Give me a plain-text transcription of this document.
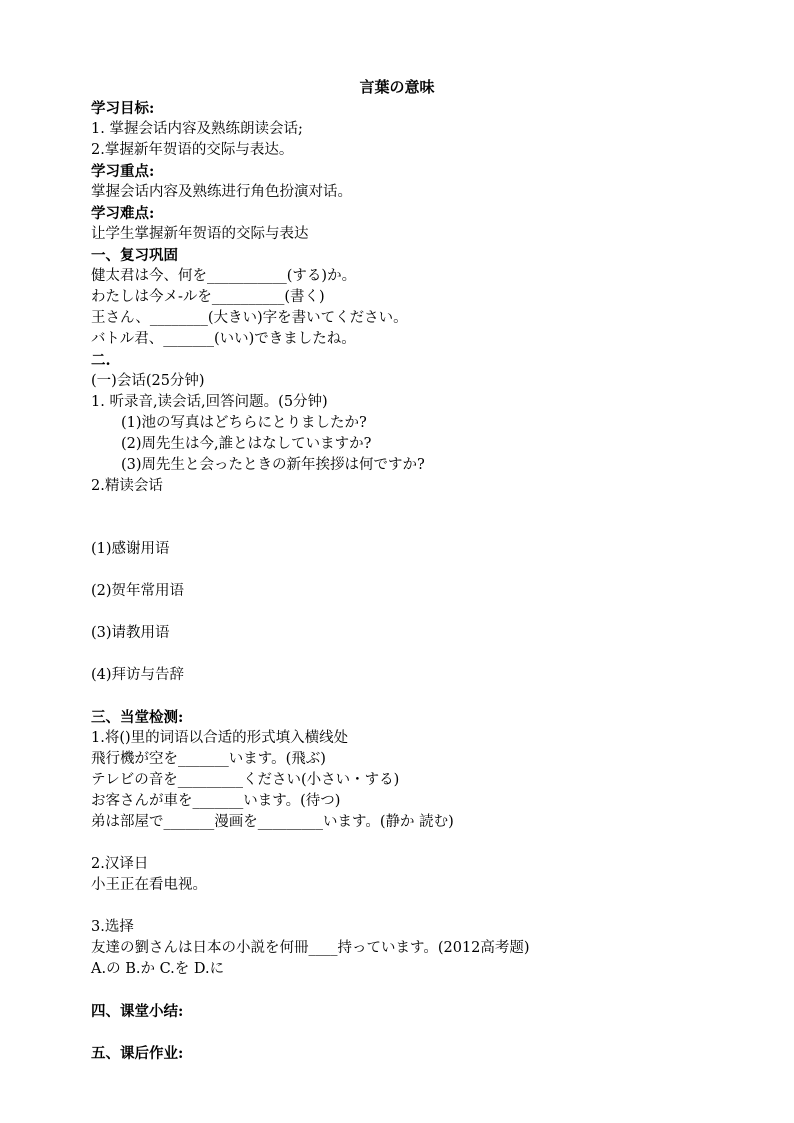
言葉の意味
学习目标:
1. 掌握会话内容及熟练朗读会话;
2.掌握新年贺语的交际与表达。
学习重点:
掌握会话内容及熟练进行角色扮演对话。
学习难点:
让学生掌握新年贺语的交际与表达
一、复习巩固
健太君は今、何を___________(する)か。
わたしは今メ-ルを__________(書く)
王さん、________(大きい)字を書いてください。
バトル君、_______(いい)できましたね。
二.
(一)会话(25分钟)
1. 听录音,读会话,回答问题。(5分钟)
(1)池の写真はどちらにとりましたか?
(2)周先生は今,誰とはなしていますか?
(3)周先生と会ったときの新年挨拶は何ですか?
2.精读会话
(1)感谢用语
(2)贺年常用语
(3)请教用语
(4)拜访与告辞
三、当堂检测:
1.将()里的词语以合适的形式填入横线处
飛行機が空を_______います。(飛ぶ)
テレビの音を_________ください(小さい・する)
お客さんが車を_______います。(待つ)
弟は部屋で_______漫画を_________います。(静か 読む)
2.汉译日
小王正在看电视。
3.选择
友達の劉さんは日本の小説を何冊____持っています。(2012高考题)
A.の B.か C.を D.に
四、课堂小结:
五、课后作业:
